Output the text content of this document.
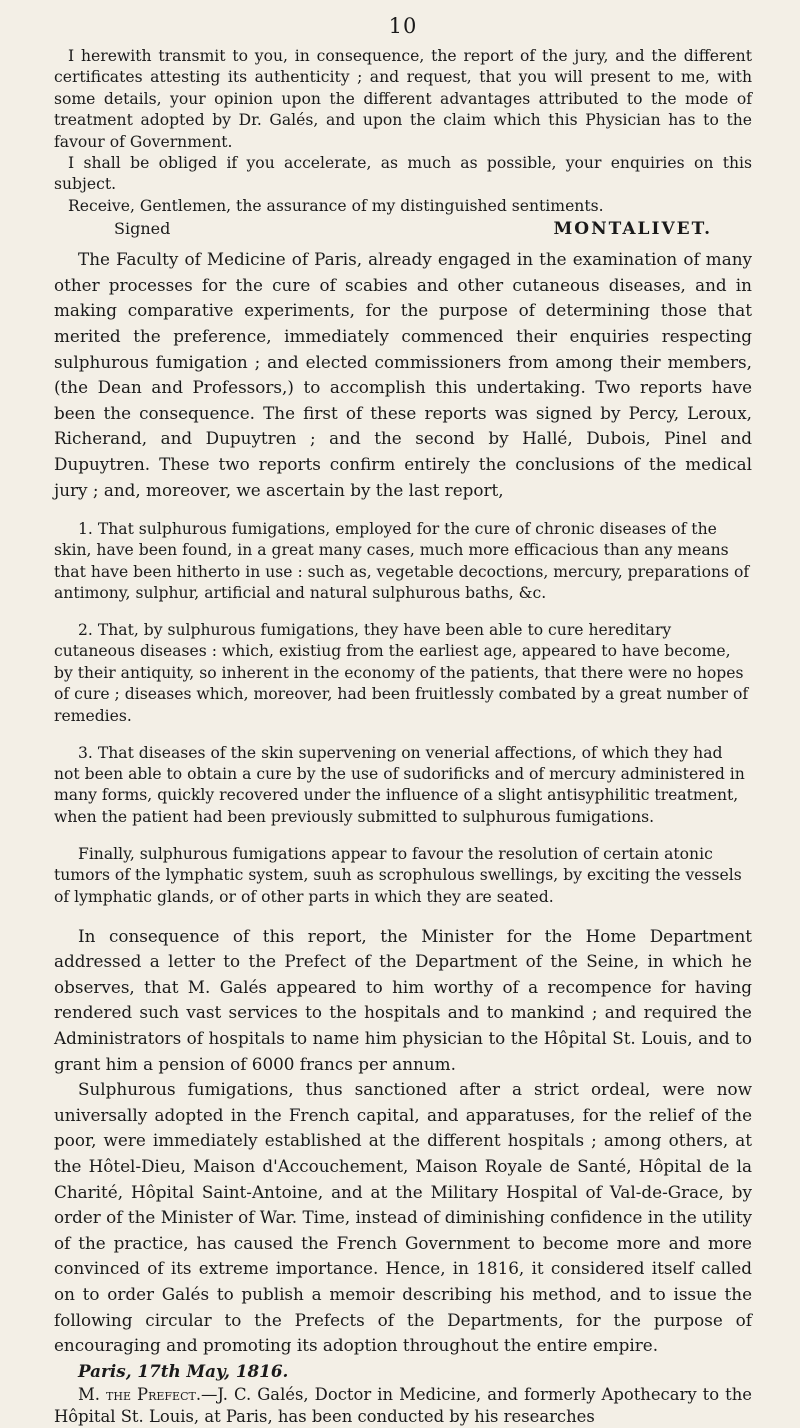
10

I herewith transmit to you, in consequence, the report of the jury, and the different certificates attesting its authenticity ; and request, that you will present to me, with some details, your opinion upon the different advantages attributed to the mode of treatment adopted by Dr. Galés, and upon the claim which this Physician has to the favour of Government.

I shall be obliged if you accelerate, as much as possible, your enquiries on this subject.

Receive, Gentlemen, the assurance of my distinguished sentiments.

Signed	MONTALIVET.

The Faculty of Medicine of Paris, already engaged in the examination of many other processes for the cure of scabies and other cutaneous diseases, and in making comparative experiments, for the purpose of determining those that merited the preference, immediately commenced their enquiries respecting sulphurous fumigation ; and elected commissioners from among their members, (the Dean and Professors,) to accomplish this undertaking. Two reports have been the consequence. The first of these reports was signed by Percy, Leroux, Richerand, and Dupuytren ; and the second by Hallé, Dubois, Pinel and Dupuytren. These two reports confirm entirely the conclusions of the medical jury ; and, moreover, we ascertain by the last report,

1. That sulphurous fumigations, employed for the cure of chronic diseases of the skin, have been found, in a great many cases, much more efficacious than any means that have been hitherto in use : such as, vegetable decoctions, mercury, preparations of antimony, sulphur, artificial and natural sulphurous baths, &c.

2. That, by sulphurous fumigations, they have been able to cure hereditary cutaneous diseases : which, existiug from the earliest age, appeared to have become, by their antiquity, so inherent in the economy of the patients, that there were no hopes of cure ; diseases which, moreover, had been fruitlessly combated by a great number of remedies.

3. That diseases of the skin supervening on venerial affections, of which they had not been able to obtain a cure by the use of sudorificks and of mercury administered in many forms, quickly recovered under the influence of a slight antisyphilitic treatment, when the patient had been previously submitted to sulphurous fumigations.

Finally, sulphurous fumigations appear to favour the resolution of certain atonic tumors of the lymphatic system, suuh as scrophulous swellings, by exciting the vessels of lymphatic glands, or of other parts in which they are seated.

In consequence of this report, the Minister for the Home Department addressed a letter to the Prefect of the Department of the Seine, in which he observes, that M. Galés appeared to him worthy of a recompence for having rendered such vast services to the hospitals and to mankind ; and required the Administrators of hospitals to name him physician to the Hôpital St. Louis, and to grant him a pension of 6000 francs per annum.

Sulphurous fumigations, thus sanctioned after a strict ordeal, were now universally adopted in the French capital, and apparatuses, for the relief of the poor, were immediately established at the different hospitals ; among others, at the Hôtel-Dieu, Maison d'Accouchement, Maison Royale de Santé, Hôpital de la Charité, Hôpital Saint-Antoine, and at the Military Hospital of Val-de-Grace, by order of the Minister of War. Time, instead of diminishing confidence in the utility of the practice, has caused the French Government to become more and more convinced of its extreme importance. Hence, in 1816, it considered itself called on to order Galés to publish a memoir describing his method, and to issue the following circular to the Prefects of the Departments, for the purpose of encouraging and promoting its adoption throughout the entire empire.

Paris, 17th May, 1816.

M. the Prefect.—J. C. Galés, Doctor in Medicine, and formerly Apothecary to the Hôpital St. Louis, at Paris, has been conducted by his researches
